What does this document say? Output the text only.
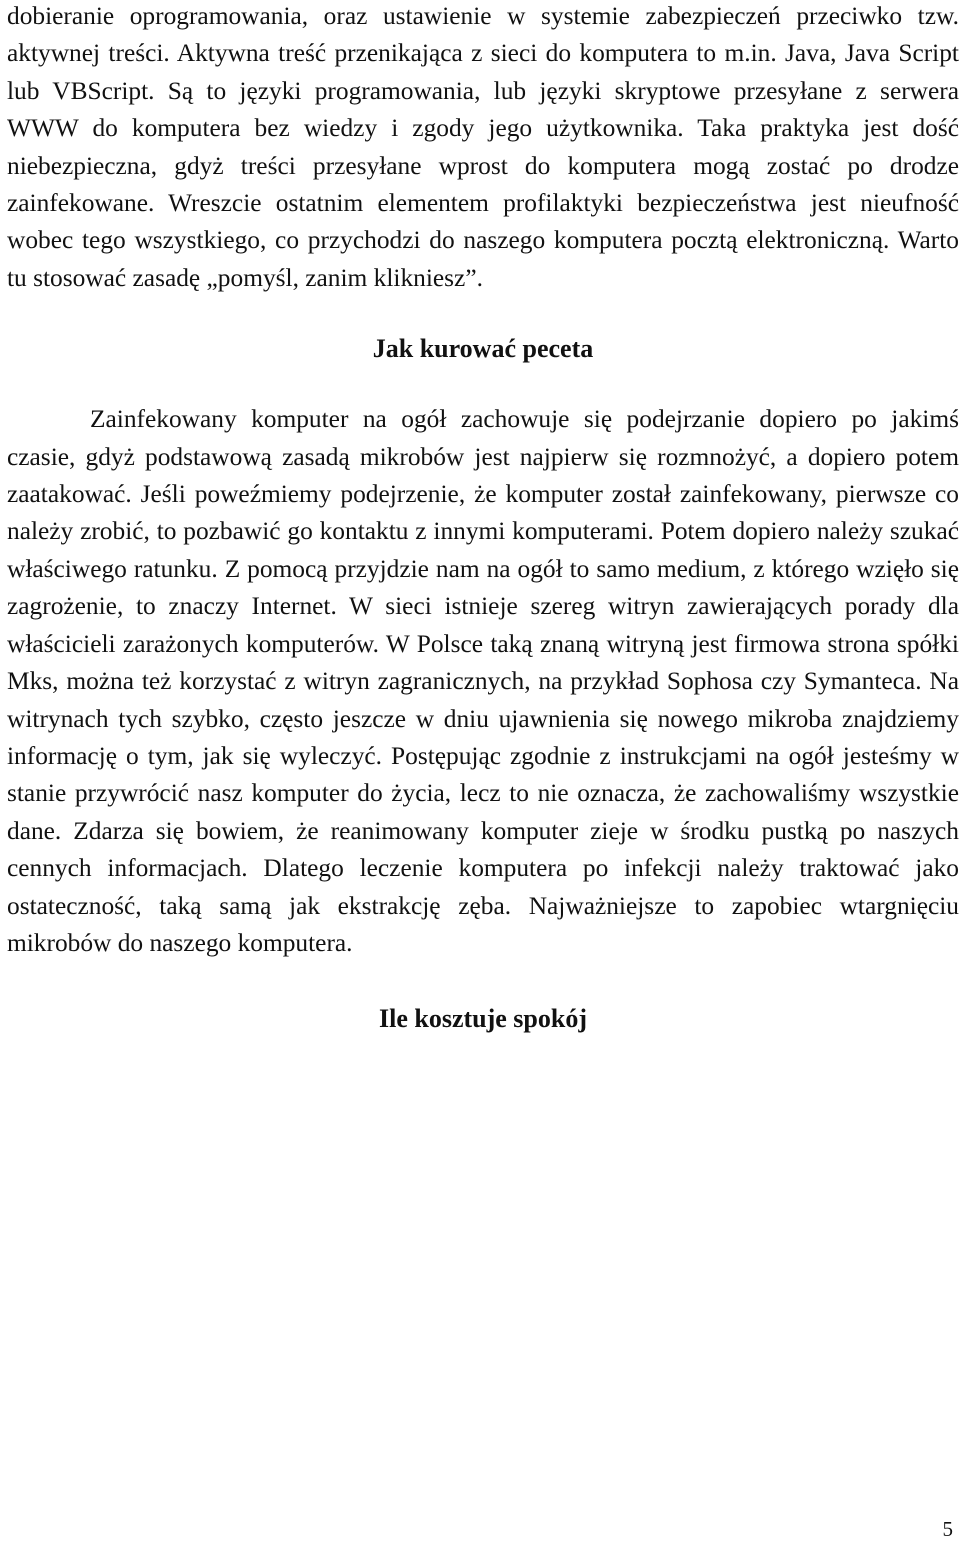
dobieranie oprogramowania, oraz ustawienie w systemie zabezpieczeń przeciwko tzw. aktywnej treści. Aktywna treść przenikająca z sieci do komputera to m.in. Java, Java Script lub VBScript. Są to języki programowania, lub języki skryptowe przesyłane z serwera WWW do komputera bez wiedzy i zgody jego użytkownika. Taka praktyka jest dość niebezpieczna, gdyż treści przesyłane wprost do komputera mogą zostać po drodze zainfekowane. Wreszcie ostatnim elementem profilaktyki bezpieczeństwa jest nieufność wobec tego wszystkiego, co przychodzi do naszego komputera pocztą elektroniczną. Warto tu stosować zasadę „pomyśl, zanim klikniesz”.

Jak kurować peceta

Zainfekowany komputer na ogół zachowuje się podejrzanie dopiero po jakimś czasie, gdyż podstawową zasadą mikrobów jest najpierw się rozmnożyć, a dopiero potem zaatakować. Jeśli poweźmiemy podejrzenie, że komputer został zainfekowany, pierwsze co należy zrobić, to pozbawić go kontaktu z innymi komputerami. Potem dopiero należy szukać właściwego ratunku. Z pomocą przyjdzie nam na ogół to samo medium, z którego wzięło się zagrożenie, to znaczy Internet. W sieci istnieje szereg witryn zawierających porady dla właścicieli zarażonych komputerów. W Polsce taką znaną witryną jest firmowa strona spółki Mks, można też korzystać z witryn zagranicznych, na przykład Sophosa czy Symanteca. Na witrynach tych szybko, często jeszcze w dniu ujawnienia się nowego mikroba znajdziemy informację o tym, jak się wyleczyć. Postępując zgodnie z instrukcjami na ogół jesteśmy w stanie przywrócić nasz komputer do życia, lecz to nie oznacza, że zachowaliśmy wszystkie dane. Zdarza się bowiem, że reanimowany komputer zieje w środku pustką po naszych cennych informacjach. Dlatego leczenie komputera po infekcji należy traktować jako ostateczność, taką samą jak ekstrakcję zęba. Najważniejsze to zapobiec wtargnięciu mikrobów do naszego komputera.

Ile kosztuje spokój
5
